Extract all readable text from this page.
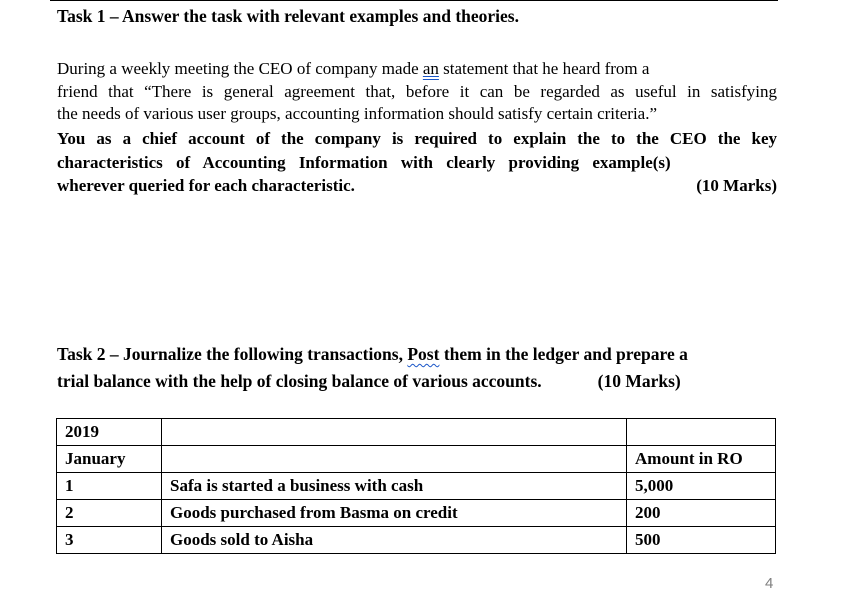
Task 1 – Answer the task with relevant examples and theories.
During a weekly meeting the CEO of company made an statement that he heard from a
friend that “There is general agreement that, before it can be regarded as useful in satisfying
the needs of various user groups, accounting information should satisfy certain criteria.”
You as a chief account of the company is required to explain the to the CEO the key
characteristics of Accounting Information with clearly providing example(s)
wherever queried for each characteristic.	(10 Marks)
Task 2 – Journalize the following transactions, Post them in the ledger and prepare a
trial balance with the help of closing balance of various accounts.	(10 Marks)
2019		
January		Amount in RO
1	Safa is started a business with cash	5,000
2	Goods purchased from Basma on credit	200
3	Goods sold to Aisha	500
4
